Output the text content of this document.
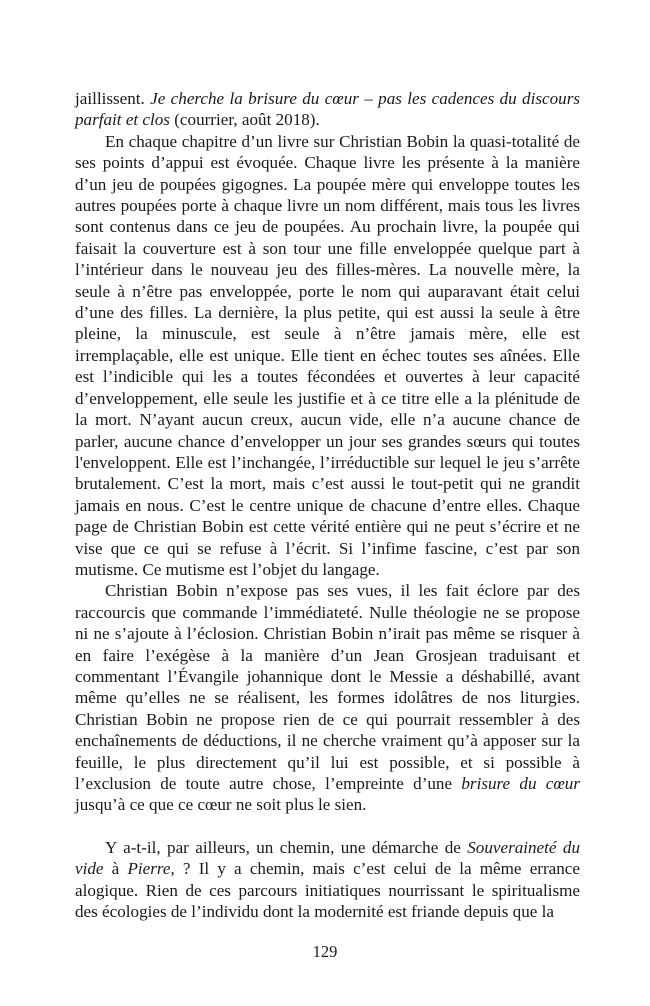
jaillissent. Je cherche la brisure du cœur – pas les cadences du discours parfait et clos (courrier, août 2018).

En chaque chapitre d’un livre sur Christian Bobin la quasi-totalité de ses points d’appui est évoquée. Chaque livre les présente à la manière d’un jeu de poupées gigognes. La poupée mère qui enveloppe toutes les autres poupées porte à chaque livre un nom différent, mais tous les livres sont contenus dans ce jeu de poupées. Au prochain livre, la poupée qui faisait la couverture est à son tour une fille enveloppée quelque part à l’intérieur dans le nouveau jeu des filles-mères. La nouvelle mère, la seule à n’être pas enveloppée, porte le nom qui auparavant était celui d’une des filles. La dernière, la plus petite, qui est aussi la seule à être pleine, la minuscule, est seule à n’être jamais mère, elle est irremplaçable, elle est unique. Elle tient en échec toutes ses aînées. Elle est l’indicible qui les a toutes fécondées et ouvertes à leur capacité d’enveloppement, elle seule les justifie et à ce titre elle a la plénitude de la mort. N’ayant aucun creux, aucun vide, elle n’a aucune chance de parler, aucune chance d’envelopper un jour ses grandes sœurs qui toutes l'enveloppent. Elle est l’inchangée, l’irréductible sur lequel le jeu s’arrête brutalement. C’est la mort, mais c’est aussi le tout-petit qui ne grandit jamais en nous. C’est le centre unique de chacune d’entre elles. Chaque page de Christian Bobin est cette vérité entière qui ne peut s’écrire et ne vise que ce qui se refuse à l’écrit. Si l’infime fascine, c’est par son mutisme. Ce mutisme est l’objet du langage.

Christian Bobin n’expose pas ses vues, il les fait éclore par des raccourcis que commande l’immédiateté. Nulle théologie ne se propose ni ne s’ajoute à l’éclosion. Christian Bobin n’irait pas même se risquer à en faire l’exégèse à la manière d’un Jean Grosjean traduisant et commentant l’Évangile johannique dont le Messie a déshabillé, avant même qu’elles ne se réalisent, les formes idolâtres de nos liturgies. Christian Bobin ne propose rien de ce qui pourrait ressembler à des enchaînements de déductions, il ne cherche vraiment qu’à apposer sur la feuille, le plus directement qu’il lui est possible, et si possible à l’exclusion de toute autre chose, l’empreinte d’une brisure du cœur jusqu’à ce que ce cœur ne soit plus le sien.

Y a-t-il, par ailleurs, un chemin, une démarche de Souveraineté du vide à Pierre, ? Il y a chemin, mais c’est celui de la même errance alogique. Rien de ces parcours initiatiques nourrissant le spiritualisme des écologies de l’individu dont la modernité est friande depuis que la

129
